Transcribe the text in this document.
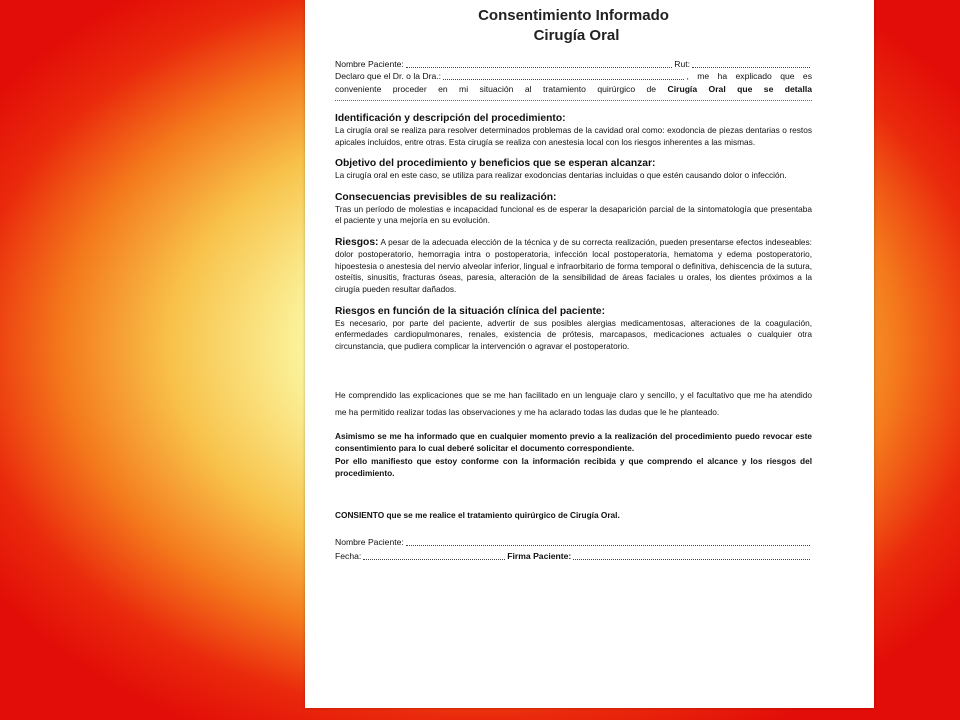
Consentimiento Informado
Cirugía Oral
Nombre Paciente:	Rut:
Declaro que el Dr. o la Dra.:	, me ha explicado que es

conveniente proceder en mi situación al tratamiento quirúrgico de Cirugía Oral que se detalla

Identificación y descripción del procedimiento:

La cirugía oral se realiza para resolver determinados problemas de la cavidad oral como: exodoncia de piezas dentarias o restos apicales incluidos, entre otras. Esta cirugía se realiza con anestesia local con los riesgos inherentes a las mismas.

Objetivo del procedimiento y beneficios que se esperan alcanzar:

La cirugía oral en este caso, se utiliza para realizar exodoncias dentarias incluidas o que estén causando dolor o infección.

Consecuencias previsibles de su realización:

Tras un período de molestias e incapacidad funcional es de esperar la desaparición parcial de la sintomatología que presentaba el paciente y una mejoría en su evolución.

Riesgos: A pesar de la adecuada elección de la técnica y de su correcta realización, pueden presentarse efectos indeseables: dolor postoperatorio, hemorragia intra o postoperatoria, infección local postoperatoria, hematoma y edema postoperatorio, hipoestesia o anestesia del nervio alveolar inferior, lingual e infraorbitario de forma temporal o definitiva, dehiscencia de la sutura, osteítis, sinusitis, fracturas óseas, paresia, alteración de la sensibilidad de áreas faciales u orales, los dientes próximos a la cirugía pueden resultar dañados.

Riesgos en función de la situación clínica del paciente:

Es necesario, por parte del paciente, advertir de sus posibles alergias medicamentosas, alteraciones de la coagulación, enfermedades cardiopulmonares, renales, existencia de prótesis, marcapasos, medicaciones actuales o cualquier otra circunstancia, que pudiera complicar la intervención o agravar el postoperatorio.

He comprendido las explicaciones que se me han facilitado en un lenguaje claro y sencillo, y el facultativo que me ha atendido me ha permitido realizar todas las observaciones y me ha aclarado todas las dudas que le he planteado.

Asimismo se me ha informado que en cualquier momento previo a la realización del procedimiento puedo revocar este consentimiento para lo cual deberé solicitar el documento correspondiente.

Por ello manifiesto que estoy conforme con la información recibida y que comprendo el alcance y los riesgos del procedimiento.

CONSIENTO que se me realice el tratamiento quirúrgico de Cirugía Oral.

Nombre Paciente:
Fecha:	Firma Paciente:
